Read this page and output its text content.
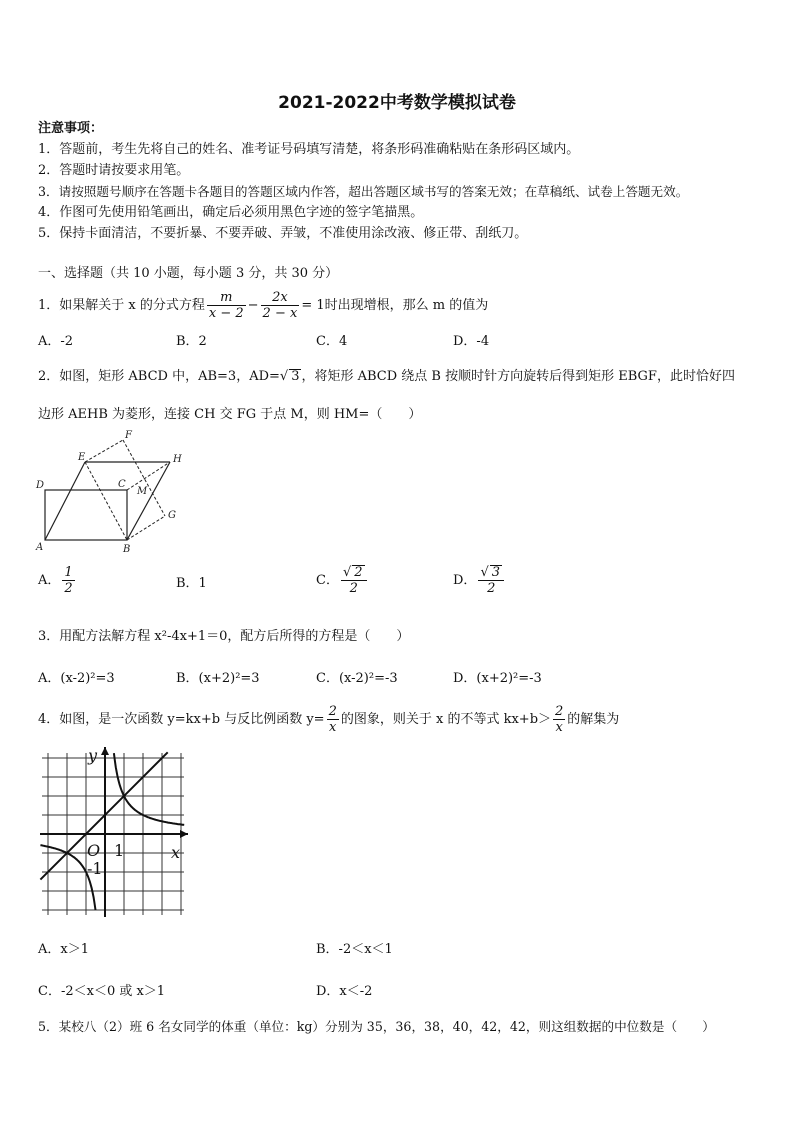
2021-2022中考数学模拟试卷
注意事项：
1．答题前，考生先将自己的姓名、准考证号码填写清楚，将条形码准确粘贴在条形码区域内。
2．答题时请按要求用笔。
3．请按照题号顺序在答题卡各题目的答题区域内作答，超出答题区域书写的答案无效；在草稿纸、试卷上答题无效。
4．作图可先使用铅笔画出，确定后必须用黑色字迹的签字笔描黑。
5．保持卡面清洁，不要折暴、不要弄破、弄皱，不准使用涂改液、修正带、刮纸刀。
一、选择题（共 10 小题，每小题 3 分，共 30 分）
1．如果解关于 x 的分式方程 $\frac{m}{x - 2} - \frac{2x}{2 - x} = 1$时出现增根，那么 m 的值为
A．-2	B．2	C．4	D．-4
2．如图，矩形 ABCD 中，AB=3，AD=√ 3 ，将矩形 ABCD 绕点 B 按顺时针方向旋转后得到矩形 EBGF，此时恰好四
边形 AEHB 为菱形，连接 CH 交 FG 于点 M，则 HM=（　　）
F
E	H
D	C
M
G
A	B
A． $\frac{1}{2}$	B．1	C． $\frac{√ 2}{2}$	D． $\frac{√ 3}{2}$
3．用配方法解方程 x²-4x+1＝0，配方后所得的方程是（　　）
A．(x-2)²=3	B．(x+2)²=3	C．(x-2)²=-3	D．(x+2)²=-3
4．如图，是一次函数 y=kx+b 与反比例函数 $y= \frac{2}{x}$ 的图象，则关于 x 的不等式 $kx+b> \frac{2}{x}$ 的解集为
y
x
O 1
-1
A．x＞1	B．-2＜x＜1
C．-2＜x＜0 或 x＞1	D．x＜-2
5．某校八（2）班 6 名女同学的体重（单位：kg）分别为 35，36，38，40，42，42，则这组数据的中位数是（　　）
